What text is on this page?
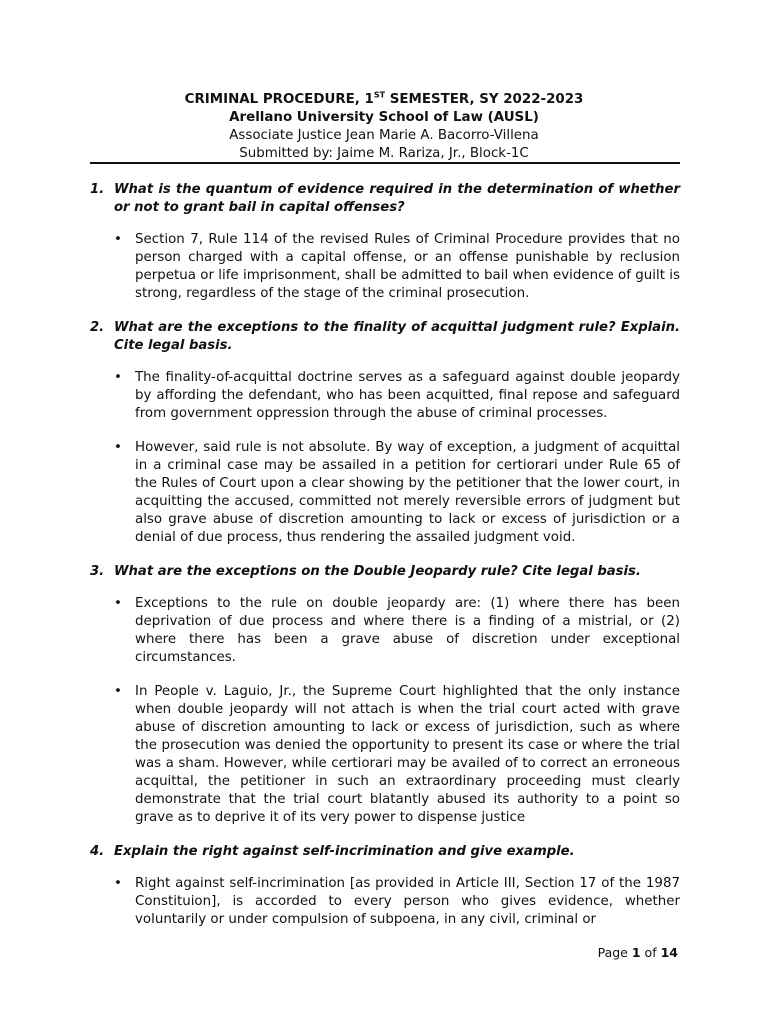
CRIMINAL PROCEDURE, 1ST SEMESTER, SY 2022-2023
Arellano University School of Law (AUSL)
Associate Justice Jean Marie A. Bacorro-Villena
Submitted by: Jaime M. Rariza, Jr., Block-1C
1. What is the quantum of evidence required in the determination of whether or not to grant bail in capital offenses?
• Section 7, Rule 114 of the revised Rules of Criminal Procedure provides that no person charged with a capital offense, or an offense punishable by reclusion perpetua or life imprisonment, shall be admitted to bail when evidence of guilt is strong, regardless of the stage of the criminal prosecution.
2. What are the exceptions to the finality of acquittal judgment rule? Explain. Cite legal basis.
• The finality-of-acquittal doctrine serves as a safeguard against double jeopardy by affording the defendant, who has been acquitted, final repose and safeguard from government oppression through the abuse of criminal processes.
• However, said rule is not absolute. By way of exception, a judgment of acquittal in a criminal case may be assailed in a petition for certiorari under Rule 65 of the Rules of Court upon a clear showing by the petitioner that the lower court, in acquitting the accused, committed not merely reversible errors of judgment but also grave abuse of discretion amounting to lack or excess of jurisdiction or a denial of due process, thus rendering the assailed judgment void.
3. What are the exceptions on the Double Jeopardy rule? Cite legal basis.
• Exceptions to the rule on double jeopardy are: (1) where there has been deprivation of due process and where there is a finding of a mistrial, or (2) where there has been a grave abuse of discretion under exceptional circumstances.
• In People v. Laguio, Jr., the Supreme Court highlighted that the only instance when double jeopardy will not attach is when the trial court acted with grave abuse of discretion amounting to lack or excess of jurisdiction, such as where the prosecution was denied the opportunity to present its case or where the trial was a sham. However, while certiorari may be availed of to correct an erroneous acquittal, the petitioner in such an extraordinary proceeding must clearly demonstrate that the trial court blatantly abused its authority to a point so grave as to deprive it of its very power to dispense justice
4. Explain the right against self-incrimination and give example.
• Right against self-incrimination [as provided in Article III, Section 17 of the 1987 Constituion], is accorded to every person who gives evidence, whether voluntarily or under compulsion of subpoena, in any civil, criminal or
Page 1 of 14
